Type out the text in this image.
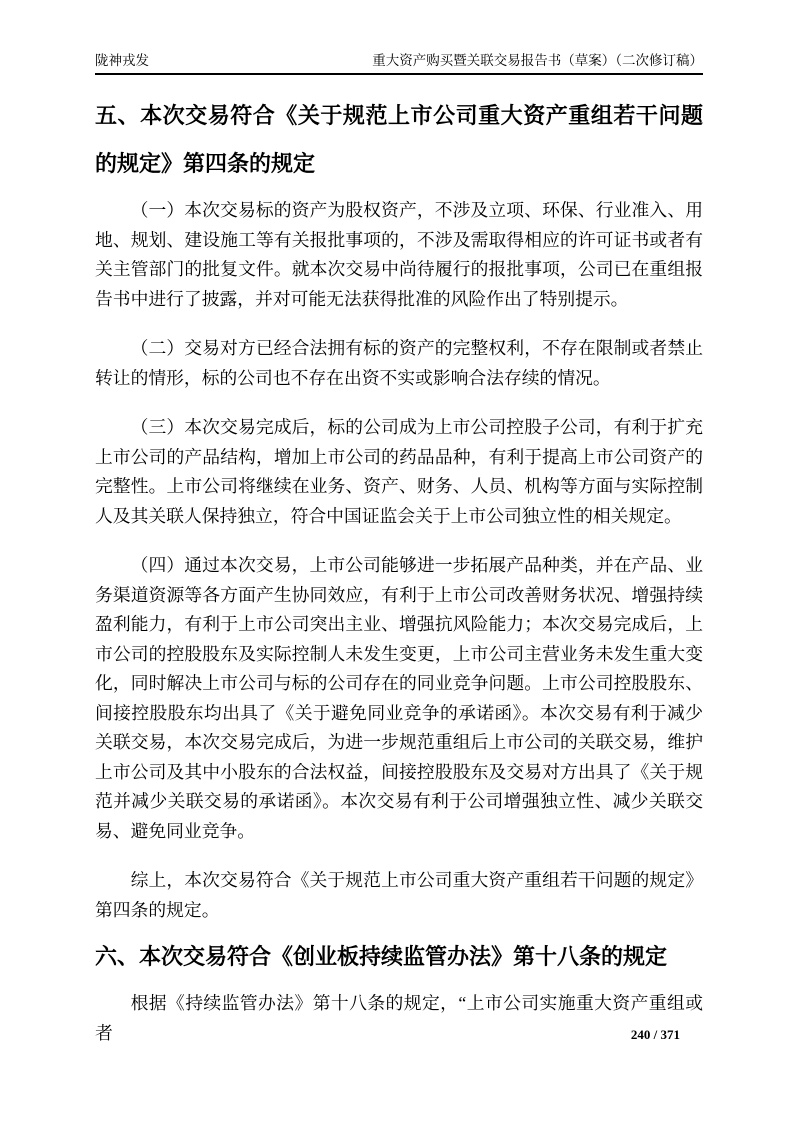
陇神戎发	重大资产购买暨关联交易报告书（草案）（二次修订稿）
五、本次交易符合《关于规范上市公司重大资产重组若干问题的规定》第四条的规定

（一）本次交易标的资产为股权资产，不涉及立项、环保、行业准入、用地、规划、建设施工等有关报批事项的，不涉及需取得相应的许可证书或者有关主管部门的批复文件。就本次交易中尚待履行的报批事项，公司已在重组报告书中进行了披露，并对可能无法获得批准的风险作出了特别提示。

（二）交易对方已经合法拥有标的资产的完整权利，不存在限制或者禁止转让的情形，标的公司也不存在出资不实或影响合法存续的情况。

（三）本次交易完成后，标的公司成为上市公司控股子公司，有利于扩充上市公司的产品结构，增加上市公司的药品品种，有利于提高上市公司资产的完整性。上市公司将继续在业务、资产、财务、人员、机构等方面与实际控制人及其关联人保持独立，符合中国证监会关于上市公司独立性的相关规定。

（四）通过本次交易，上市公司能够进一步拓展产品种类，并在产品、业务渠道资源等各方面产生协同效应，有利于上市公司改善财务状况、增强持续盈利能力，有利于上市公司突出主业、增强抗风险能力；本次交易完成后，上市公司的控股股东及实际控制人未发生变更，上市公司主营业务未发生重大变化，同时解决上市公司与标的公司存在的同业竞争问题。上市公司控股股东、间接控股股东均出具了《关于避免同业竞争的承诺函》。本次交易有利于减少关联交易，本次交易完成后，为进一步规范重组后上市公司的关联交易，维护上市公司及其中小股东的合法权益，间接控股股东及交易对方出具了《关于规范并减少关联交易的承诺函》。本次交易有利于公司增强独立性、减少关联交易、避免同业竞争。

综上，本次交易符合《关于规范上市公司重大资产重组若干问题的规定》第四条的规定。

六、本次交易符合《创业板持续监管办法》第十八条的规定

根据《持续监管办法》第十八条的规定，“上市公司实施重大资产重组或者	240 / 371
